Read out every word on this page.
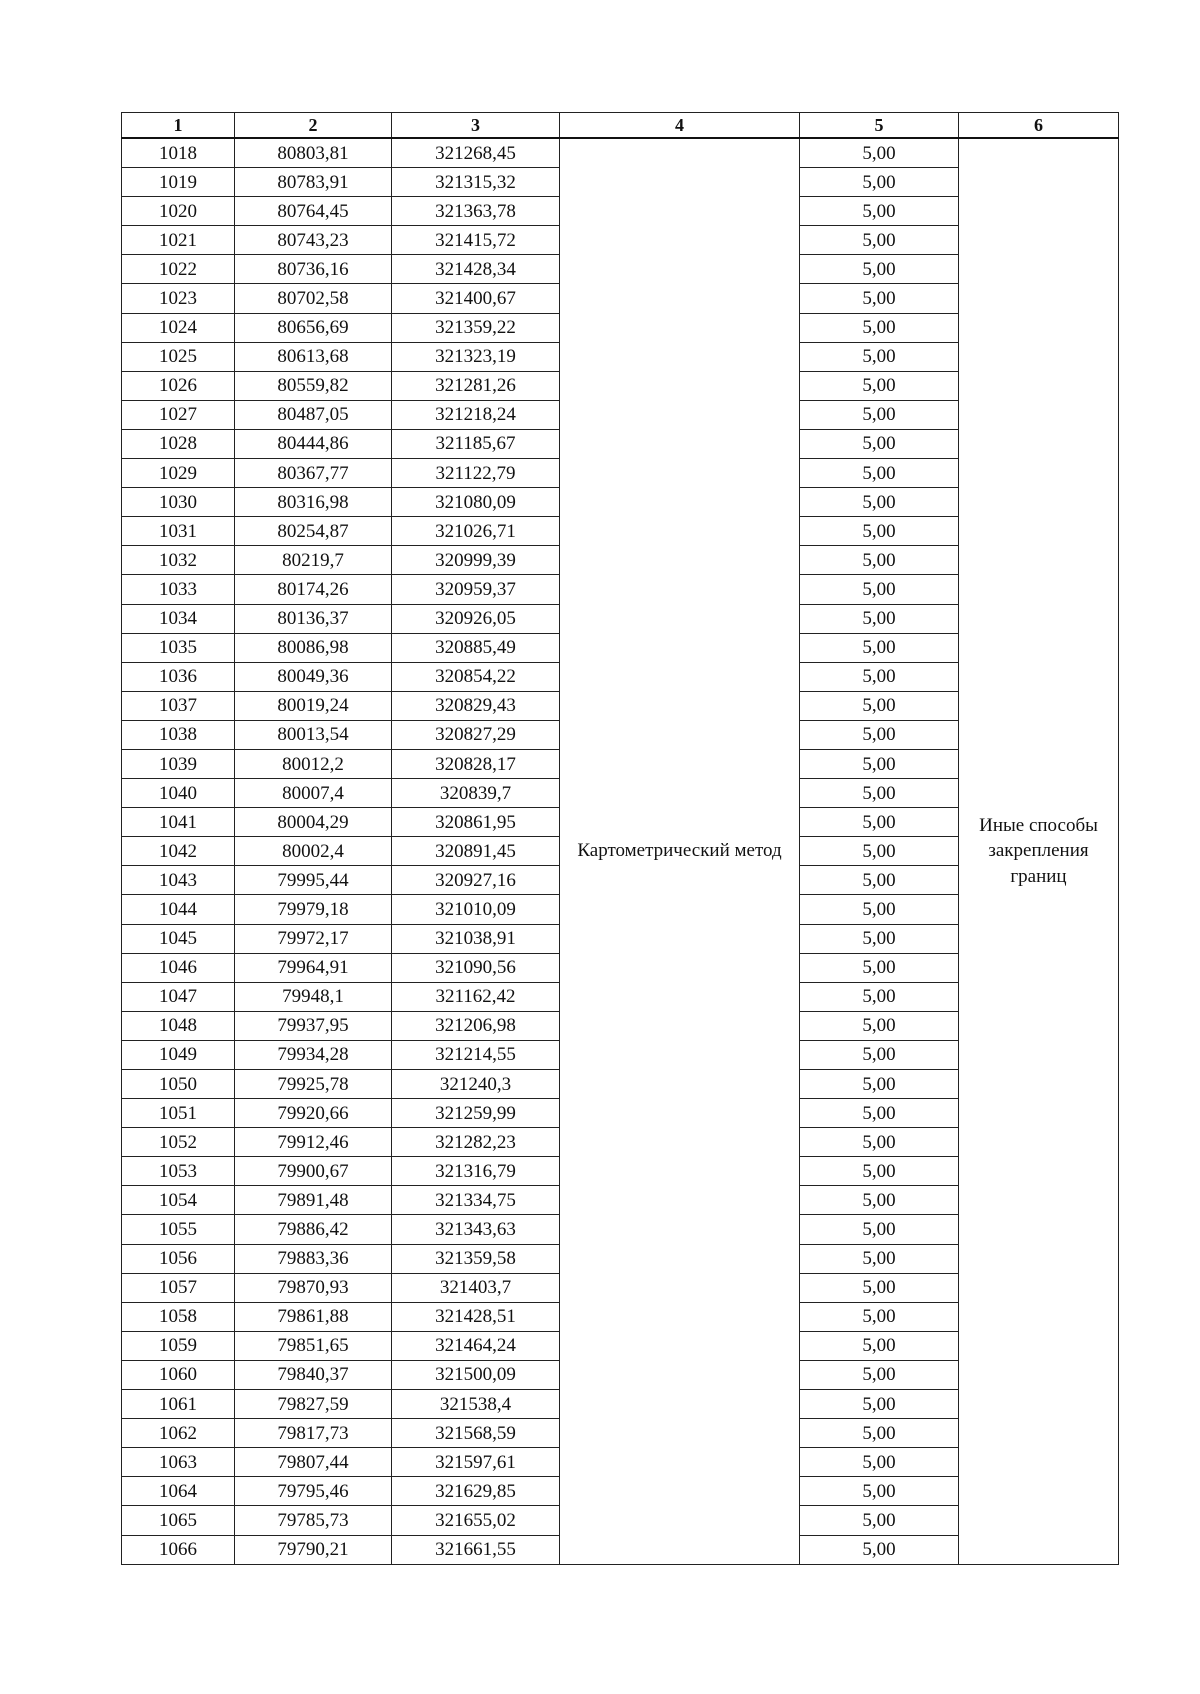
1	2	3	4	5	6
1018	80803,81	321268,45	Картометрический метод	5,00	Иные способы закрепления границ
1019	80783,91	321315,32		5,00	
1020	80764,45	321363,78		5,00	
1021	80743,23	321415,72		5,00	
1022	80736,16	321428,34		5,00	
1023	80702,58	321400,67		5,00	
1024	80656,69	321359,22		5,00	
1025	80613,68	321323,19		5,00	
1026	80559,82	321281,26		5,00	
1027	80487,05	321218,24		5,00	
1028	80444,86	321185,67		5,00	
1029	80367,77	321122,79		5,00	
1030	80316,98	321080,09		5,00	
1031	80254,87	321026,71		5,00	
1032	80219,7	320999,39		5,00	
1033	80174,26	320959,37		5,00	
1034	80136,37	320926,05		5,00	
1035	80086,98	320885,49		5,00	
1036	80049,36	320854,22		5,00	
1037	80019,24	320829,43		5,00	
1038	80013,54	320827,29		5,00	
1039	80012,2	320828,17		5,00	
1040	80007,4	320839,7		5,00	
1041	80004,29	320861,95		5,00	
1042	80002,4	320891,45		5,00	
1043	79995,44	320927,16		5,00	
1044	79979,18	321010,09		5,00	
1045	79972,17	321038,91		5,00	
1046	79964,91	321090,56		5,00	
1047	79948,1	321162,42		5,00	
1048	79937,95	321206,98		5,00	
1049	79934,28	321214,55		5,00	
1050	79925,78	321240,3		5,00	
1051	79920,66	321259,99		5,00	
1052	79912,46	321282,23		5,00	
1053	79900,67	321316,79		5,00	
1054	79891,48	321334,75		5,00	
1055	79886,42	321343,63		5,00	
1056	79883,36	321359,58		5,00	
1057	79870,93	321403,7		5,00	
1058	79861,88	321428,51		5,00	
1059	79851,65	321464,24		5,00	
1060	79840,37	321500,09		5,00	
1061	79827,59	321538,4		5,00	
1062	79817,73	321568,59		5,00	
1063	79807,44	321597,61		5,00	
1064	79795,46	321629,85		5,00	
1065	79785,73	321655,02		5,00	
1066	79790,21	321661,55		5,00	
